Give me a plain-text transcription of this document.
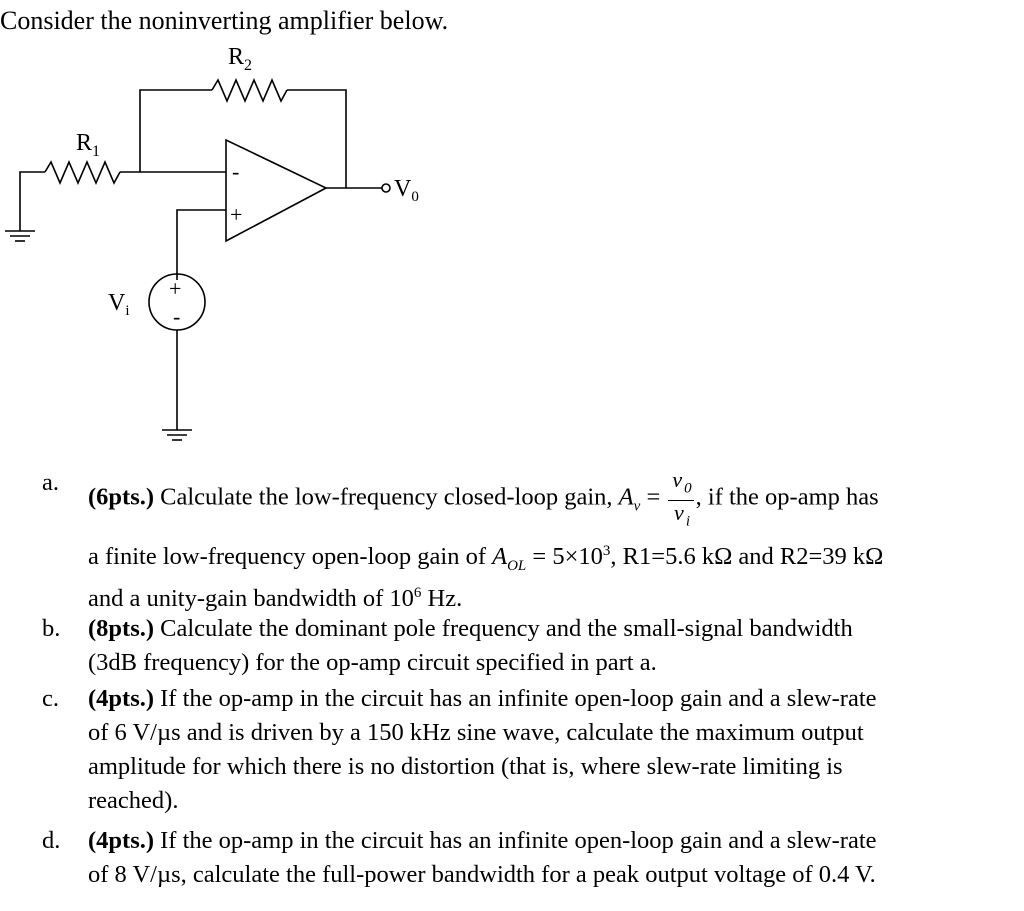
Consider the noninverting amplifier below.
$R_2$
$R_1$
-
+
$V_0$
+
-
$V_i$
a.
(6pts.) Calculate the low-frequency closed-loop gain, $A_v = \frac{v _0}{v _i}$ , if the op-amp has
a finite low-frequency open-loop gain of $A_{OL} = 5\times 10^3$, R1=5.6 kΩ and R2=39 kΩ
and a unity-gain bandwidth of $10^6$ Hz.
b. (8pts.) Calculate the dominant pole frequency and the small-signal bandwidth
(3dB frequency) for the op-amp circuit specified in part a.
c. (4pts.) If the op-amp in the circuit has an infinite open-loop gain and a slew-rate
of 6 V/µs and is driven by a 150 kHz sine wave, calculate the maximum output
amplitude for which there is no distortion (that is, where slew-rate limiting is
reached).
d. (4pts.) If the op-amp in the circuit has an infinite open-loop gain and a slew-rate
of 8 V/µs, calculate the full-power bandwidth for a peak output voltage of 0.4 V.
